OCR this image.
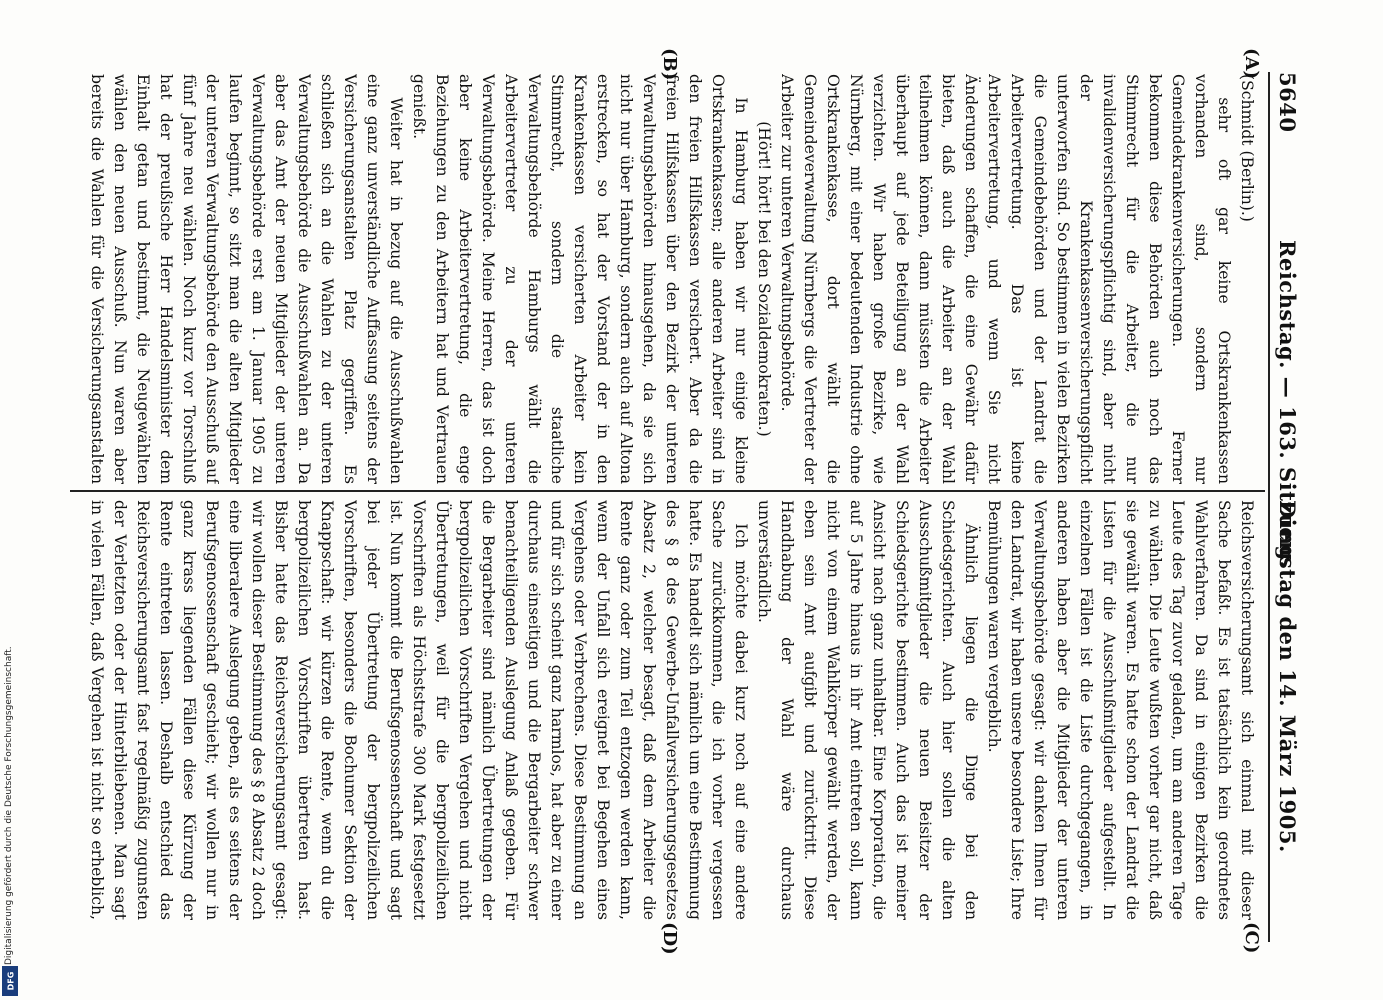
5640
Reichstag. — 163. Sitzung.
Dienstag den 14. März 1905.
(A)
(B)
(C)
(D)

(Schmidt (Berlin).)

sehr oft gar keine Ortskrankenkassen vorhanden sind, sondern nur Gemeindekrankenversicherungen. Ferner bekommen diese Behörden auch noch das Stimmrecht für die Arbeiter, die nur invalidenversicherungspflichtig sind, aber nicht der Krankenkassenversicherungspflicht unterworfen sind. So bestimmen in vielen Bezirken die Gemeindebehörden und der Landrat die Arbeitervertretung. Das ist keine Arbeitervertretung, und wenn Sie nicht Änderungen schaffen, die eine Gewähr dafür bieten, daß auch die Arbeiter an der Wahl teilnehmen können, dann müssten die Arbeiter überhaupt auf jede Beteiligung an der Wahl verzichten. Wir haben große Bezirke, wie Nürnberg, mit einer bedeutenden Industrie ohne Ortskrankenkasse, dort wählt die Gemeindeverwaltung Nürnbergs die Vertreter der Arbeiter zur unteren Verwaltungsbehörde.

(Hört! hört! bei den Sozialdemokraten.)

In Hamburg haben wir nur einige kleine Ortskrankenkassen; alle anderen Arbeiter sind in den freien Hilfskassen versichert. Aber da die freien Hilfskassen über den Bezirk der unteren Verwaltungsbehörden hinausgehen, da sie sich nicht nur über Hamburg, sondern auch auf Altona erstrecken, so hat der Vorstand der in den Krankenkassen versicherten Arbeiter kein Stimmrecht, sondern die staatliche Verwaltungsbehörde Hamburgs wählt die Arbeitervertreter zu der unteren Verwaltungsbehörde. Meine Herren, das ist doch aber keine Arbeitervertretung, die enge Beziehungen zu den Arbeitern hat und Vertrauen genießt.

Weiter hat in bezug auf die Ausschußwahlen eine ganz unverständliche Auffassung seitens der Versicherungsanstalten Platz gegriffen. Es schließen sich an die Wahlen zu der unteren Verwaltungsbehörde die Ausschußwahlen an. Da aber das Amt der neuen Mitglieder der unteren Verwaltungsbehörde erst am 1. Januar 1905 zu laufen beginnt, so sitzt man die alten Mitglieder der unteren Verwaltungsbehörde den Ausschuß auf fünf Jahre neu wählen. Noch kurz vor Torschluß hat der preußische Herr Handelsminister dem Einhalt getan und bestimmt, die Neugewählten wählen den neuen Ausschuß. Nun waren aber bereits die Wahlen für die Versicherungsanstalten

Reichsversicherungsamt sich einmal mit dieser Sache befaßt. Es ist tatsächlich kein geordnetes Wahlverfahren. Da sind in einigen Bezirken die Leute des Tag zuvor geladen, um am anderen Tage zu wählen. Die Leute wußten vorher gar nicht, daß sie gewählt waren. Es hatte schon der Landrat die Listen für die Ausschußmitglieder aufgestellt. In einzelnen Fällen ist die Liste durchgegangen, in anderen haben aber die Mitglieder der unteren Verwaltungsbehörde gesagt: wir danken Ihnen für den Landrat, wir haben unsere besondere Liste; Ihre Bemühungen waren vergeblich.

Ähnlich liegen die Dinge bei den Schiedsgerichten. Auch hier sollen die alten Ausschußmitglieder die neuen Beisitzer der Schiedsgerichte bestimmen. Auch das ist meiner Ansicht nach ganz unhaltbar. Eine Korporation, die auf 5 Jahre hinaus in ihr Amt eintreten soll, kann nicht von einem Wahlkörper gewählt werden, der eben sein Amt aufgibt und zurücktritt. Diese Handhabung der Wahl wäre durchaus unverständlich.

Ich möchte dabei kurz noch auf eine andere Sache zurückkommen, die ich vorher vergessen hatte. Es handelt sich nämlich um eine Bestimmung des § 8 des Gewerbe-Unfallversicherungsgesetzes Absatz 2, welcher besagt, daß dem Arbeiter die Rente ganz oder zum Teil entzogen werden kann, wenn der Unfall sich ereignet bei Begehen eines Vergehens oder Verbrechens. Diese Bestimmung an und für sich scheint ganz harmlos, hat aber zu einer durchaus einseitigen und die Bergarbeiter schwer benachteiligenden Auslegung Anlaß gegeben. Für die Bergarbeiter sind nämlich Übertretungen der bergpolizeilichen Vorschriften Vergehen und nicht Übertretungen, weil für die bergpolizeilichen Vorschriften als Höchststrafe 300 Mark festgesetzt ist. Nun kommt die Berufsgenossenschaft und sagt bei jeder Übertretung der bergpolizeilichen Vorschriften, besonders die Bochumer Sektion der Knappschaft: wir kürzen die Rente, wenn du die bergpolizeilichen Vorschriften übertreten hast. Bisher hatte das Reichsversicherungsamt gesagt: wir wollen dieser Bestimmung des § 8 Absatz 2 doch eine liberalere Auslegung geben, als es seitens der Berufsgenossenschaft geschieht; wir wollen nur in ganz krass liegenden Fällen diese Kürzung der Rente eintreten lassen. Deshalb entschied das Reichsversicherungsamt fast regelmäßig zugunsten der Verletzten oder der Hinterbliebenen. Man sagt in vielen Fällen, daß Vergehen ist nicht so erheblich,

Digitalisierung gefördert durch die Deutsche Forschungsgemeinschaft.
DFG
